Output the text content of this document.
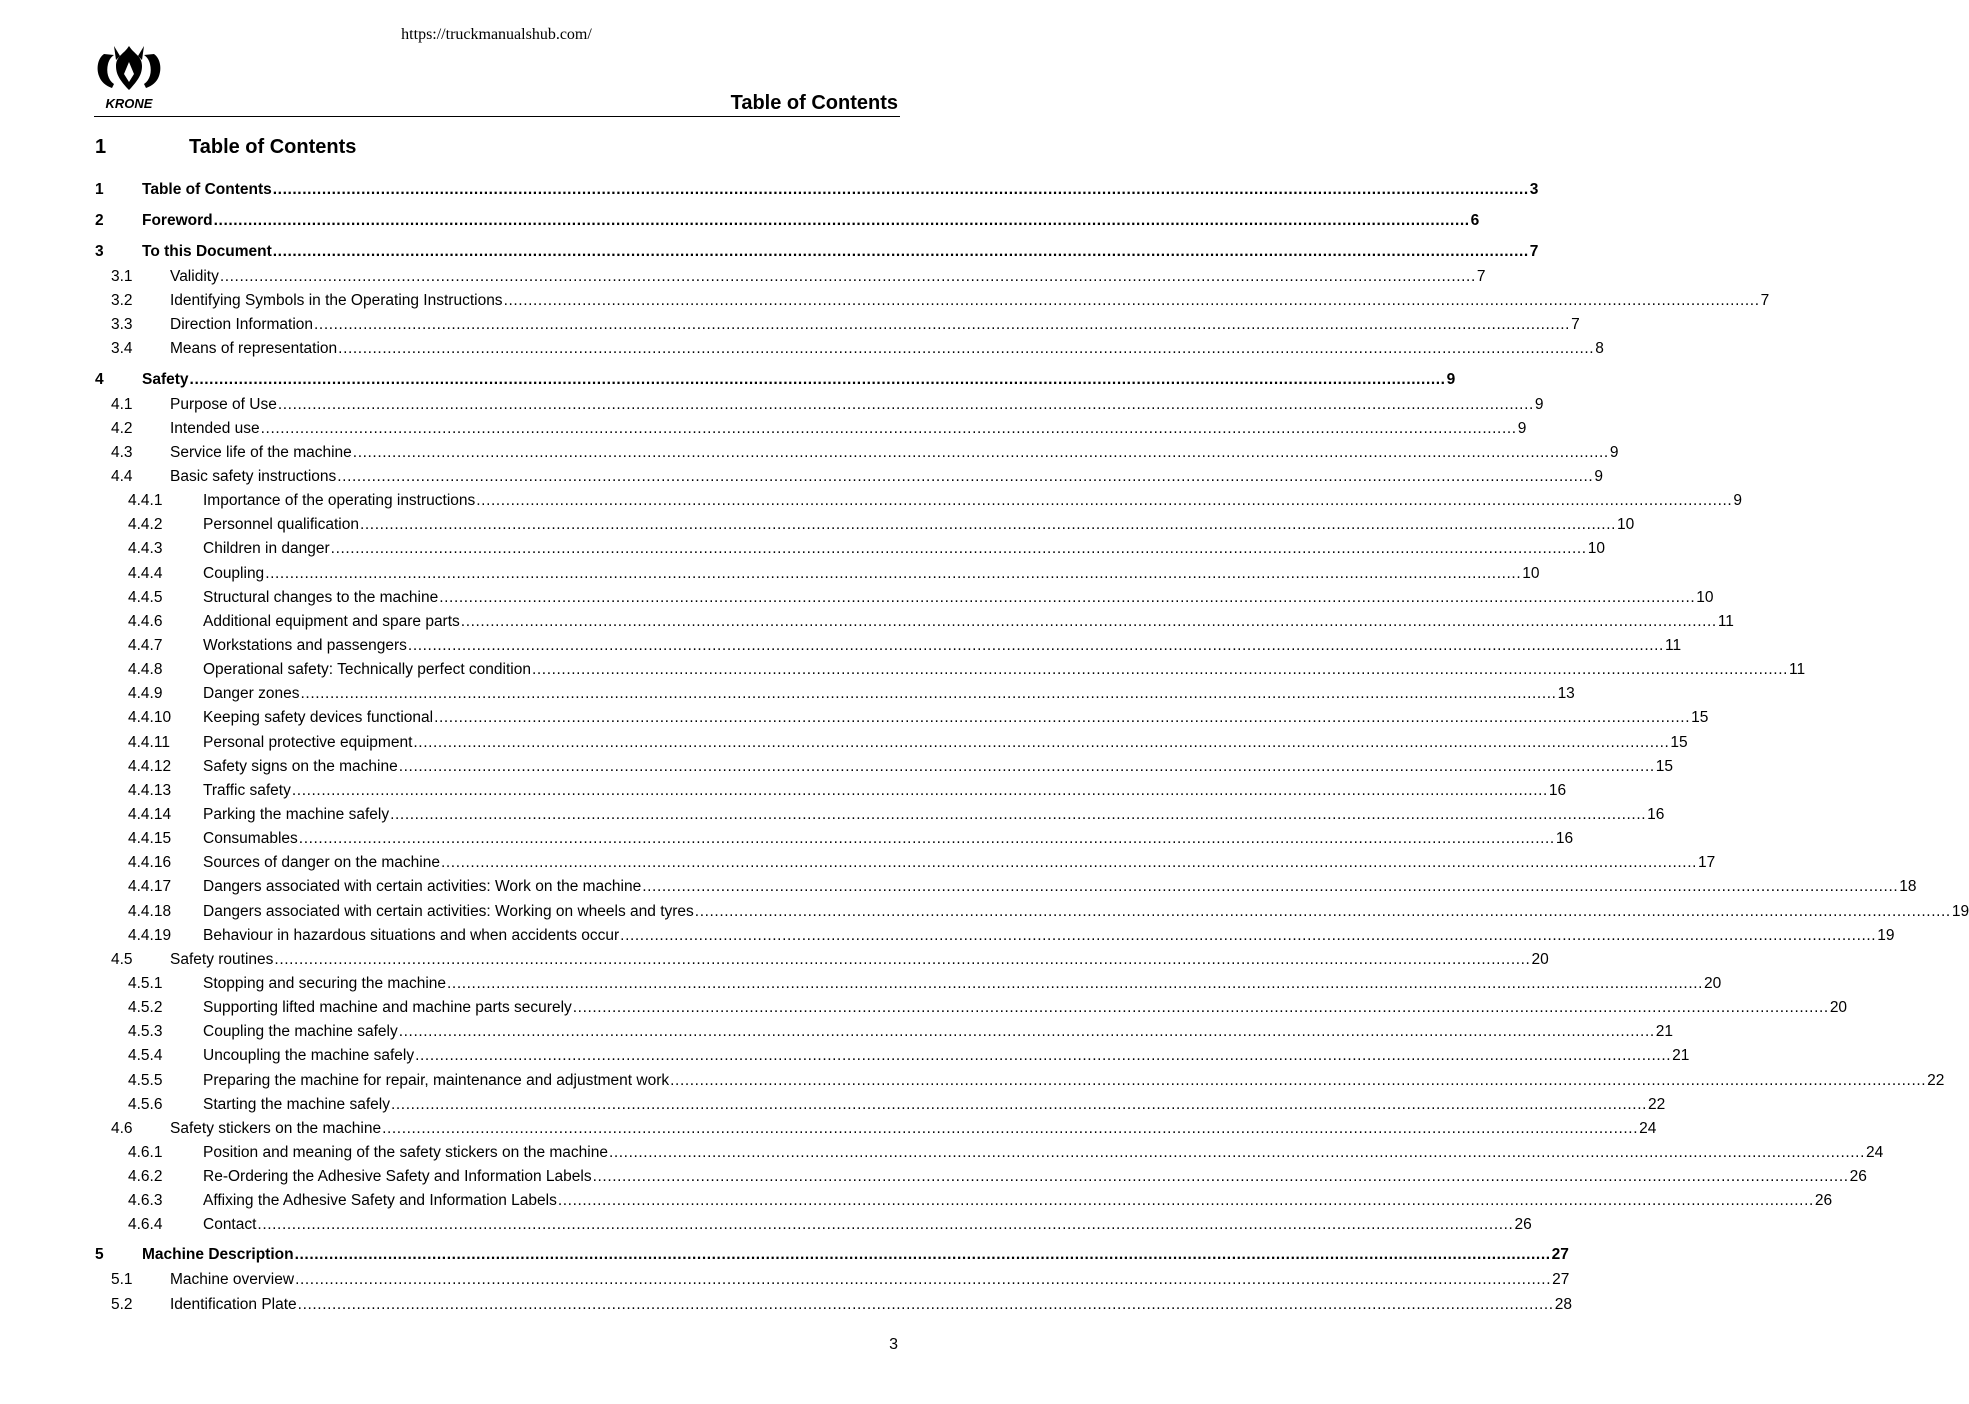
https://truckmanualshub.com/
KRONE	Table of Contents
1	Table of Contents
1 Table of Contents .....	3
2 Foreword .....	6
3 To this Document .....	7
3.1 Validity .....	7
3.2 Identifying Symbols in the Operating Instructions .....	7
3.3 Direction Information .....	7
3.4 Means of representation .....	8
4 Safety .....	9
4.1 Purpose of Use .....	9
4.2 Intended use .....	9
4.3 Service life of the machine .....	9
4.4 Basic safety instructions .....	9
4.4.1	Importance of the operating instructions .....	9
4.4.2	Personnel qualification .....	10
4.4.3	Children in danger .....	10
4.4.4	Coupling .....	10
4.4.5	Structural changes to the machine .....	10
4.4.6	Additional equipment and spare parts .....	11
4.4.7	Workstations and passengers .....	11
4.4.8	Operational safety: Technically perfect condition .....	11
4.4.9	Danger zones .....	13
4.4.10 Keeping safety devices functional .....	15
4.4.11 Personal protective equipment .....	15
4.4.12 Safety signs on the machine .....	15
4.4.13 Traffic safety .....	16
4.4.14 Parking the machine safely .....	16
4.4.15 Consumables .....	16
4.4.16 Sources of danger on the machine .....	17
4.4.17 Dangers associated with certain activities: Work on the machine .....	18
4.4.18 Dangers associated with certain activities: Working on wheels and tyres .....	19
4.4.19 Behaviour in hazardous situations and when accidents occur .....	19
4.5 Safety routines .....	20
4.5.1	Stopping and securing the machine .....	20
4.5.2	Supporting lifted machine and machine parts securely .....	20
4.5.3	Coupling the machine safely .....	21
4.5.4	Uncoupling the machine safely .....	21
4.5.5	Preparing the machine for repair, maintenance and adjustment work .....	22
4.5.6	Starting the machine safely .....	22
4.6 Safety stickers on the machine .....	24
4.6.1	Position and meaning of the safety stickers on the machine .....	24
4.6.2	Re-Ordering the Adhesive Safety and Information Labels .....	26
4.6.3	Affixing the Adhesive Safety and Information Labels .....	26
4.6.4	Contact .....	26
5 Machine Description .....	27
5.1 Machine overview .....	27
5.2 Identification Plate .....	28
3
